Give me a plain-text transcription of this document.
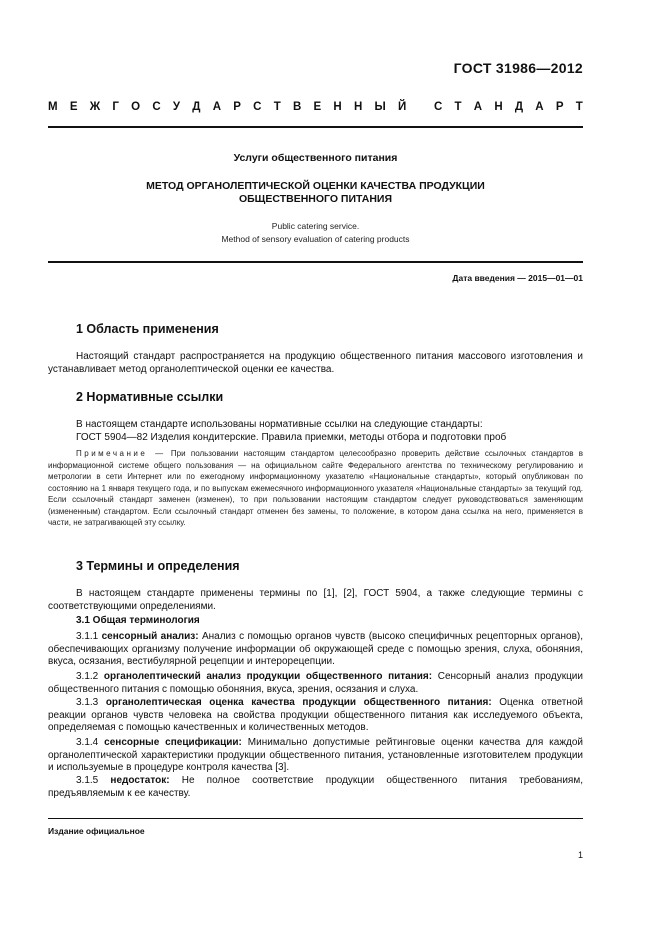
ГОСТ 31986—2012
М Е Ж Г О С У Д А Р С Т В Е Н Н Ы Й
С Т А Н Д А Р Т
Услуги общественного питания
МЕТОД ОРГАНОЛЕПТИЧЕСКОЙ ОЦЕНКИ КАЧЕСТВА ПРОДУКЦИИ
ОБЩЕСТВЕННОГО ПИТАНИЯ
Public catering service.
Method of sensory evaluation of catering products
Дата введения — 2015—01—01
1 Область применения
Настоящий стандарт распространяется на продукцию общественного питания массового изготовления и устанавливает метод органолептической оценки ее качества.
2 Нормативные ссылки
В настоящем стандарте использованы нормативные ссылки на следующие стандарты:
ГОСТ 5904—82 Изделия кондитерские. Правила приемки, методы отбора и подготовки проб
Примечание — При пользовании настоящим стандартом целесообразно проверить действие ссылочных стандартов в информационной системе общего пользования — на официальном сайте Федерального агентства по техническому регулированию и метрологии в сети Интернет или по ежегодному информационному указателю «Национальные стандарты», который опубликован по состоянию на 1 января текущего года, и по выпускам ежемесячного информационного указателя «Национальные стандарты» за текущий год. Если ссылочный стандарт заменен (изменен), то при пользовании настоящим стандартом следует руководствоваться заменяющим (измененным) стандартом. Если ссылочный стандарт отменен без замены, то положение, в котором дана ссылка на него, применяется в части, не затрагивающей эту ссылку.
3 Термины и определения
В настоящем стандарте применены термины по [1], [2], ГОСТ 5904, а также следующие термины с соответствующими определениями.
3.1 Общая терминология
3.1.1 сенсорный анализ: Анализ с помощью органов чувств (высоко специфичных рецепторных органов), обеспечивающих организму получение информации об окружающей среде с помощью зрения, слуха, обоняния, вкуса, осязания, вестибулярной рецепции и интерорецепции.
3.1.2 органолептический анализ продукции общественного питания: Сенсорный анализ продукции общественного питания с помощью обоняния, вкуса, зрения, осязания и слуха.
3.1.3 органолептическая оценка качества продукции общественного питания: Оценка ответной реакции органов чувств человека на свойства продукции общественного питания как исследуемого объекта, определяемая с помощью качественных и количественных методов.
3.1.4 сенсорные спецификации: Минимально допустимые рейтинговые оценки качества для каждой органолептической характеристики продукции общественного питания, установленные изготовителем продукции и используемые в процедуре контроля качества [3].
3.1.5 недостаток: Не полное соответствие продукции общественного питания требованиям, предъявляемым к ее качеству.
Издание официальное
1
